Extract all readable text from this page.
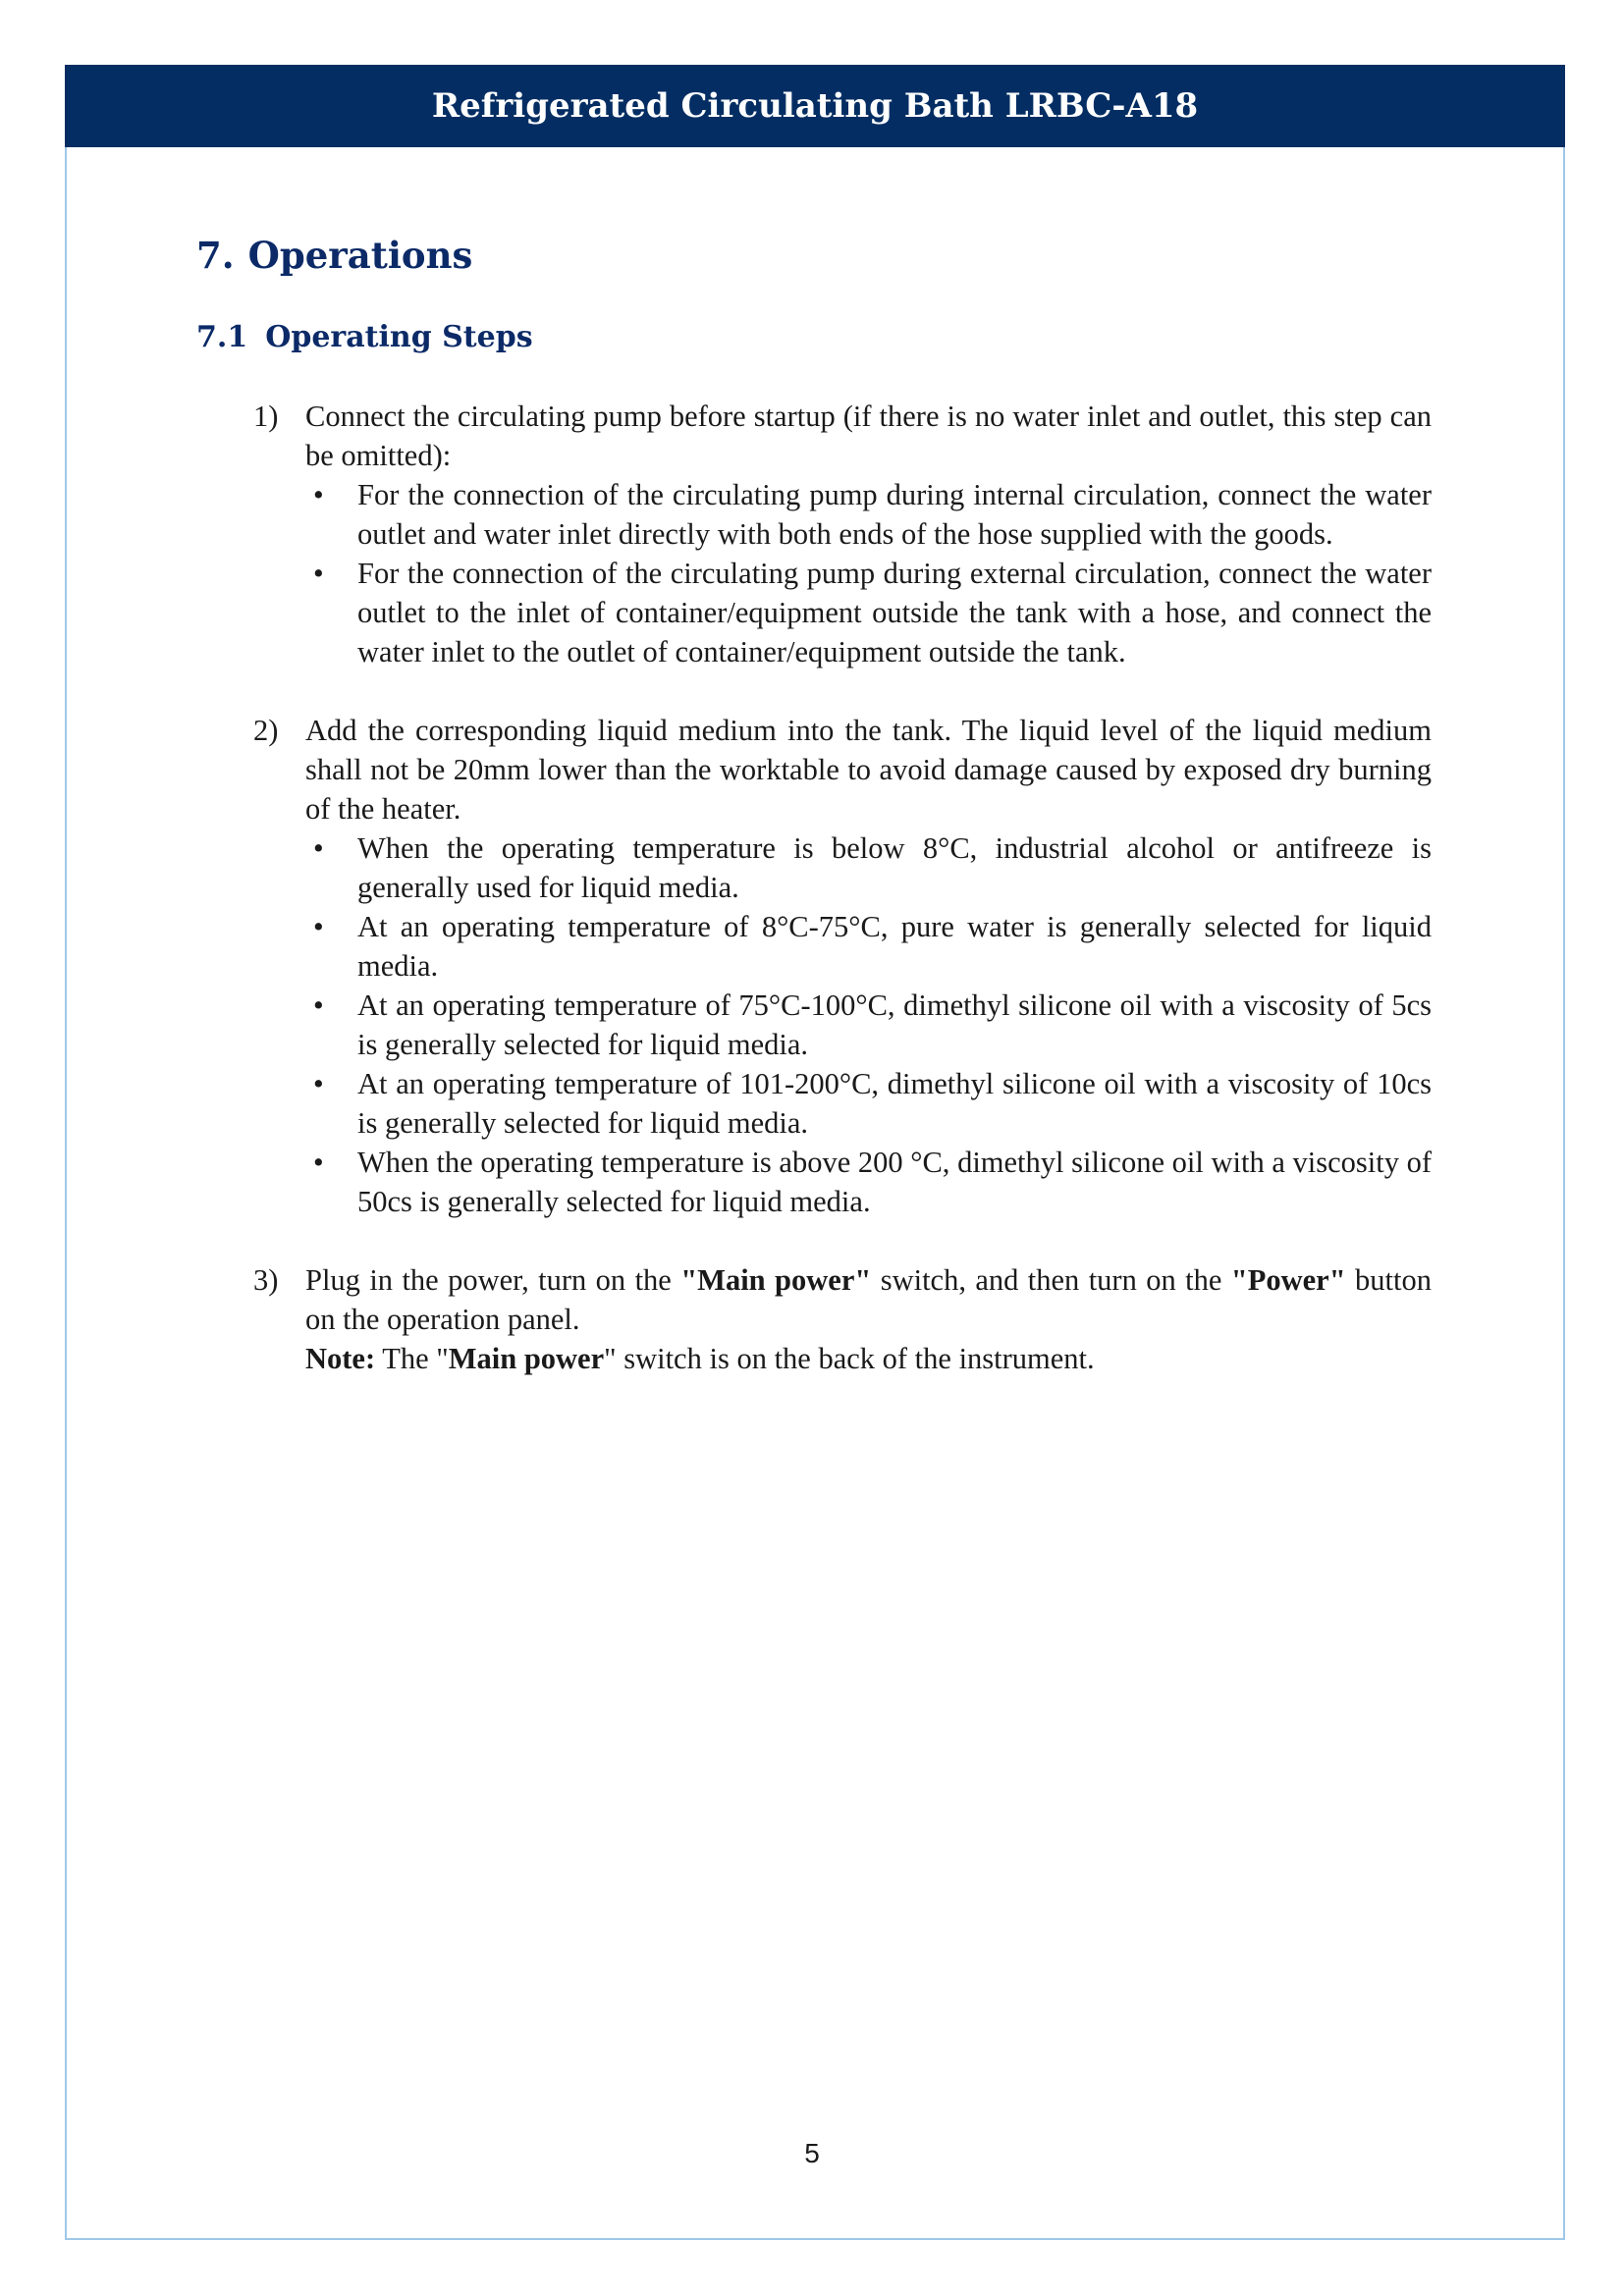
Refrigerated Circulating Bath LRBC-A18
7. Operations
7.1 Operating Steps
1) Connect the circulating pump before startup (if there is no water inlet and outlet, this step can be omitted):
• For the connection of the circulating pump during internal circulation, connect the water outlet and water inlet directly with both ends of the hose supplied with the goods.
• For the connection of the circulating pump during external circulation, connect the water outlet to the inlet of container/equipment outside the tank with a hose, and connect the water inlet to the outlet of container/equipment outside the tank.
2) Add the corresponding liquid medium into the tank. The liquid level of the liquid medium shall not be 20mm lower than the worktable to avoid damage caused by exposed dry burning of the heater.
• When the operating temperature is below 8°C, industrial alcohol or antifreeze is generally used for liquid media.
• At an operating temperature of 8°C-75°C, pure water is generally selected for liquid media.
• At an operating temperature of 75°C-100°C, dimethyl silicone oil with a viscosity of 5cs is generally selected for liquid media.
• At an operating temperature of 101-200°C, dimethyl silicone oil with a viscosity of 10cs is generally selected for liquid media.
• When the operating temperature is above 200 °C, dimethyl silicone oil with a viscosity of 50cs is generally selected for liquid media.
3) Plug in the power, turn on the "Main power" switch, and then turn on the "Power" button on the operation panel.
Note: The "Main power" switch is on the back of the instrument.
5
